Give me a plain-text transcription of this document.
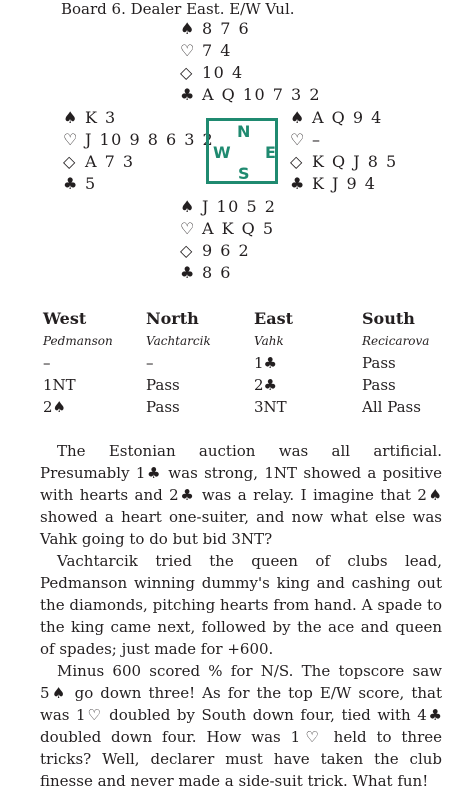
Board 6. Dealer East. E/W Vul.
♠ 8 7 6
♡ 7 4
◇ 10 4
♣ A Q 10 7 3 2
♠ K 3
♡ J 10 9 8 6 3 2
◇ A 7 3
♣ 5
N
W E
S
♠ A Q 9 4
♡ –
◇ K Q J 8 5
♣ K J 9 4
♠ J 10 5 2
♡ A K Q 5
◇ 9 6 2
♣ 8 6
West	North	East	South
Pedmanson	Vachtarcik	Vahk	Recicarova
–	–	1♣	Pass
1NT	Pass	2♣	Pass
2♠	Pass	3NT	All Pass

The Estonian auction was all artificial. Presumably 1♣ was strong, 1NT showed a positive with hearts and 2♣ was a relay. I imagine that 2♠ showed a heart one-suiter, and now what else was Vahk going to do but bid 3NT?

Vachtarcik tried the queen of clubs lead, Pedmanson winning dummy's king and cashing out the diamonds, pitching hearts from hand. A spade to the king came next, followed by the ace and queen of spades; just made for +600.

Minus 600 scored % for N/S. The topscore saw 5♠ go down three! As for the top E/W score, that was 1♡ doubled by South down four, tied with 4♣ doubled down four. How was 1♡ held to three tricks? Well, declarer must have taken the club finesse and never made a side-suit trick. What fun!
